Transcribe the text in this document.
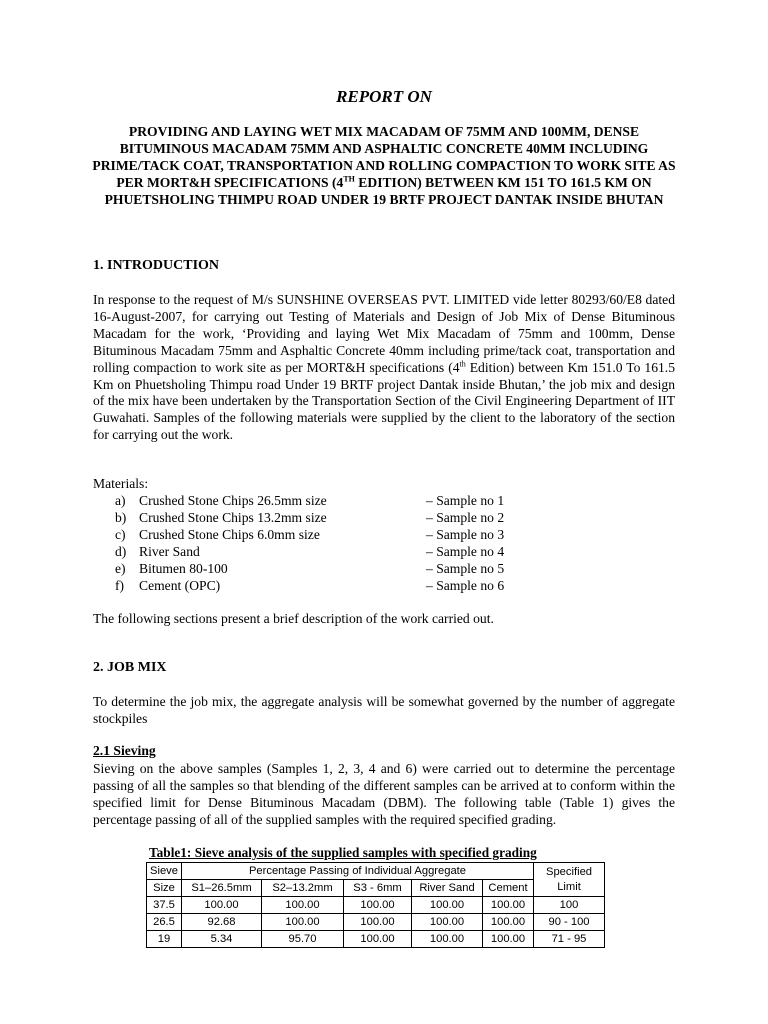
REPORT ON
PROVIDING AND LAYING WET MIX MACADAM OF 75MM AND 100MM, DENSE BITUMINOUS MACADAM 75MM AND ASPHALTIC CONCRETE 40MM INCLUDING PRIME/TACK COAT, TRANSPORTATION AND ROLLING COMPACTION TO WORK SITE AS PER MORT&H SPECIFICATIONS (4TH EDITION) BETWEEN KM 151 TO 161.5 KM ON PHUETSHOLING THIMPU ROAD UNDER 19 BRTF PROJECT DANTAK INSIDE BHUTAN
1. INTRODUCTION
In response to the request of M/s SUNSHINE OVERSEAS PVT. LIMITED vide letter 80293/60/E8 dated 16-August-2007, for carrying out Testing of Materials and Design of Job Mix of Dense Bituminous Macadam for the work, ‘Providing and laying Wet Mix Macadam of 75mm and 100mm, Dense Bituminous Macadam 75mm and Asphaltic Concrete 40mm including prime/tack coat, transportation and rolling compaction to work site as per MORT&H specifications (4th Edition) between Km 151.0 To 161.5 Km on Phuetsholing Thimpu road Under 19 BRTF project Dantak inside Bhutan,’ the job mix and design of the mix have been undertaken by the Transportation Section of the Civil Engineering Department of IIT Guwahati. Samples of the following materials were supplied by the client to the laboratory of the section for carrying out the work.
Materials:
a) Crushed Stone Chips 26.5mm size	– Sample no 1
b) Crushed Stone Chips 13.2mm size	– Sample no 2
c) Crushed Stone Chips 6.0mm size	– Sample no 3
d) River Sand	– Sample no 4
e) Bitumen 80-100	– Sample no 5
f) Cement (OPC)	– Sample no 6
The following sections present a brief description of the work carried out.
2. JOB MIX
To determine the job mix, the aggregate analysis will be somewhat governed by the number of aggregate stockpiles
2.1 Sieving
Sieving on the above samples (Samples 1, 2, 3, 4 and 6) were carried out to determine the percentage passing of all the samples so that blending of the different samples can be arrived at to conform within the specified limit for Dense Bituminous Macadam (DBM). The following table (Table 1) gives the percentage passing of all of the supplied samples with the required specified grading.
Table1: Sieve analysis of the supplied samples with specified grading
Sieve	Percentage Passing of Individual Aggregate					Specified
Limit
Size	S1–26.5mm	S2–13.2mm	S3 - 6mm	River Sand	Cement	
37.5	100.00	100.00	100.00	100.00	100.00	100
26.5	92.68	100.00	100.00	100.00	100.00	90 - 100
19	5.34	95.70	100.00	100.00	100.00	71 - 95
